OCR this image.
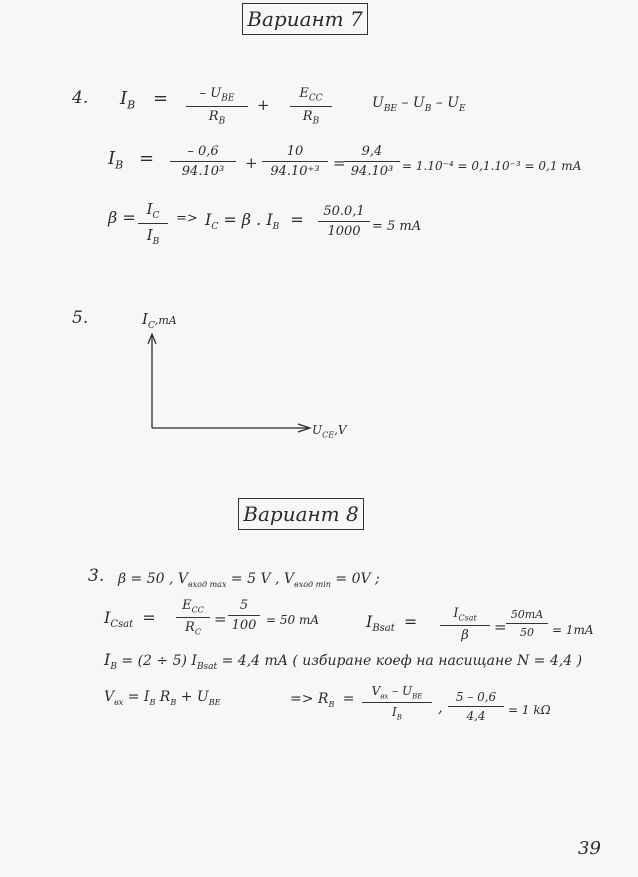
Вариант 7
4. $I_B$ =	– $U_{BE}$
$R_B$
+
$E_{CC}$
$R_B$
$U_{BE} - U_B - U_E$
$I_B$ =	– 0,6
94.10³	+
10
94.10⁺³ =
9,4
94.10³ = 1.10⁻⁴ = 0,1.10⁻³ = 0,1 mA
$\beta = I_C$
$I_B$
=> $I_C = \beta$ . $I_B$ =	50.0,1
1000 = 5 mA
5.	$I_C,mA$
$U_{CE},V$
Вариант 8
3. β = 50 , $V_{вход max} = 5$ V , $V_{вход min} = 0V$ ;
$I_{Csat}$ =
$E_{CC}$
$R_C$
=
5
100 = 50 mA	$I_{Bsat}$ =	$I_{Csat}$
β	=
50mA
50	= 1mA
$I_B = (2 \div 5) I_{Bsat} = 4,4$ mA ( избиране коеф на насищане N = 4,4 )
$V_{вх} = I_B$ $R_B + U_{BE}$	=> $R_B$ =	$V_{вх} - U_{BE}$
$I_B$
,
5 – 0,6
4,4	= 1 kΩ
39
